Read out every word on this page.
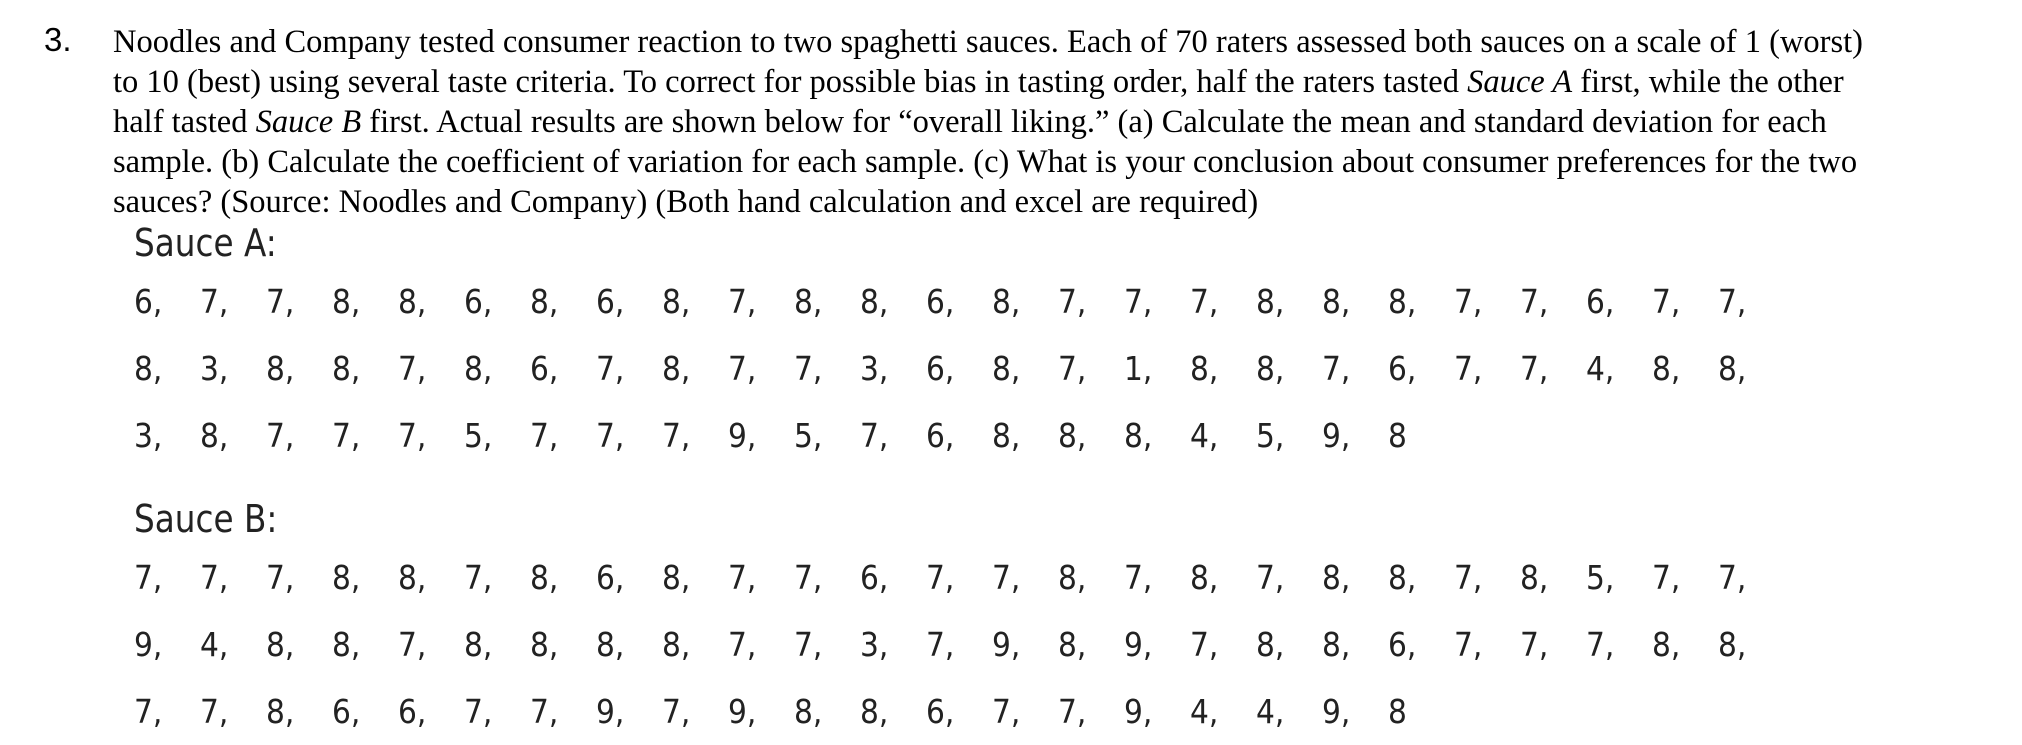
3. Noodles and Company tested consumer reaction to two spaghetti sauces. Each of 70 raters assessed both sauces on a scale of 1 (worst)
to 10 (best) using several taste criteria. To correct for possible bias in tasting order, half the raters tasted Sauce A first, while the other
half tasted Sauce B first. Actual results are shown below for “overall liking.” (a) Calculate the mean and standard deviation for each
sample. (b) Calculate the coefficient of variation for each sample. (c) What is your conclusion about consumer preferences for the two
sauces? (Source: Noodles and Company) (Both hand calculation and excel are required)
Sauce A:
6,	7,	7,	8,	8,	6,	8,	6,	8,	7,	8,	8,	6,	8,	7,	7,	7,	8,	8,	8,	7,	7,	6,	7,	7,
8,	3,	8,	8,	7,	8,	6,	7,	8,	7,	7,	3,	6,	8,	7,	1,	8,	8,	7,	6,	7,	7,	4,	8,	8,
3,	8,	7,	7,	7,	5,	7,	7,	7,	9,	5,	7,	6,	8,	8,	8,	4,	5,	9,	8
Sauce B:
7,	7,	7,	8,	8,	7,	8,	6,	8,	7,	7,	6,	7,	7,	8,	7,	8,	7,	8,	8,	7,	8,	5,	7,	7,
9,	4,	8,	8,	7,	8,	8,	8,	8,	7,	7,	3,	7,	9,	8,	9,	7,	8,	8,	6,	7,	7,	7,	8,	8,
7,	7,	8,	6,	6,	7,	7,	9,	7,	9,	8,	8,	6,	7,	7,	9,	4,	4,	9,	8
